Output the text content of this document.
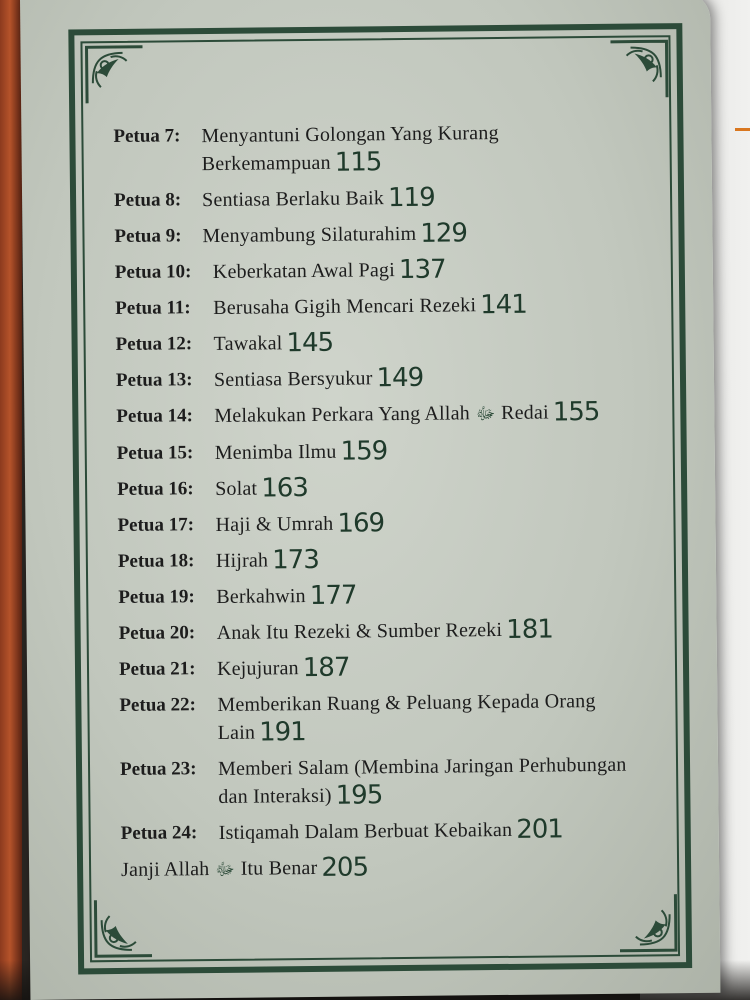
Petua 7: Menyantuni Golongan Yang Kurang
Berkemampuan 115
Petua 8: Sentiasa Berlaku Baik 119
Petua 9: Menyambung Silaturahim 129
Petua 10: Keberkatan Awal Pagi 137
Petua 11: Berusaha Gigih Mencari Rezeki 141
Petua 12: Tawakal 145
Petua 13: Sentiasa Bersyukur 149
Petua 14: Melakukan Perkara Yang Allah ﷻ Redai 155
Petua 15: Menimba Ilmu 159
Petua 16: Solat 163
Petua 17: Haji & Umrah 169
Petua 18: Hijrah 173
Petua 19: Berkahwin 177
Petua 20: Anak Itu Rezeki & Sumber Rezeki 181
Petua 21: Kejujuran 187
Petua 22: Memberikan Ruang & Peluang Kepada Orang
Lain 191
Petua 23: Memberi Salam (Membina Jaringan Perhubungan
dan Interaksi) 195
Petua 24: Istiqamah Dalam Berbuat Kebaikan 201
Janji Allah ﷻ Itu Benar 205
